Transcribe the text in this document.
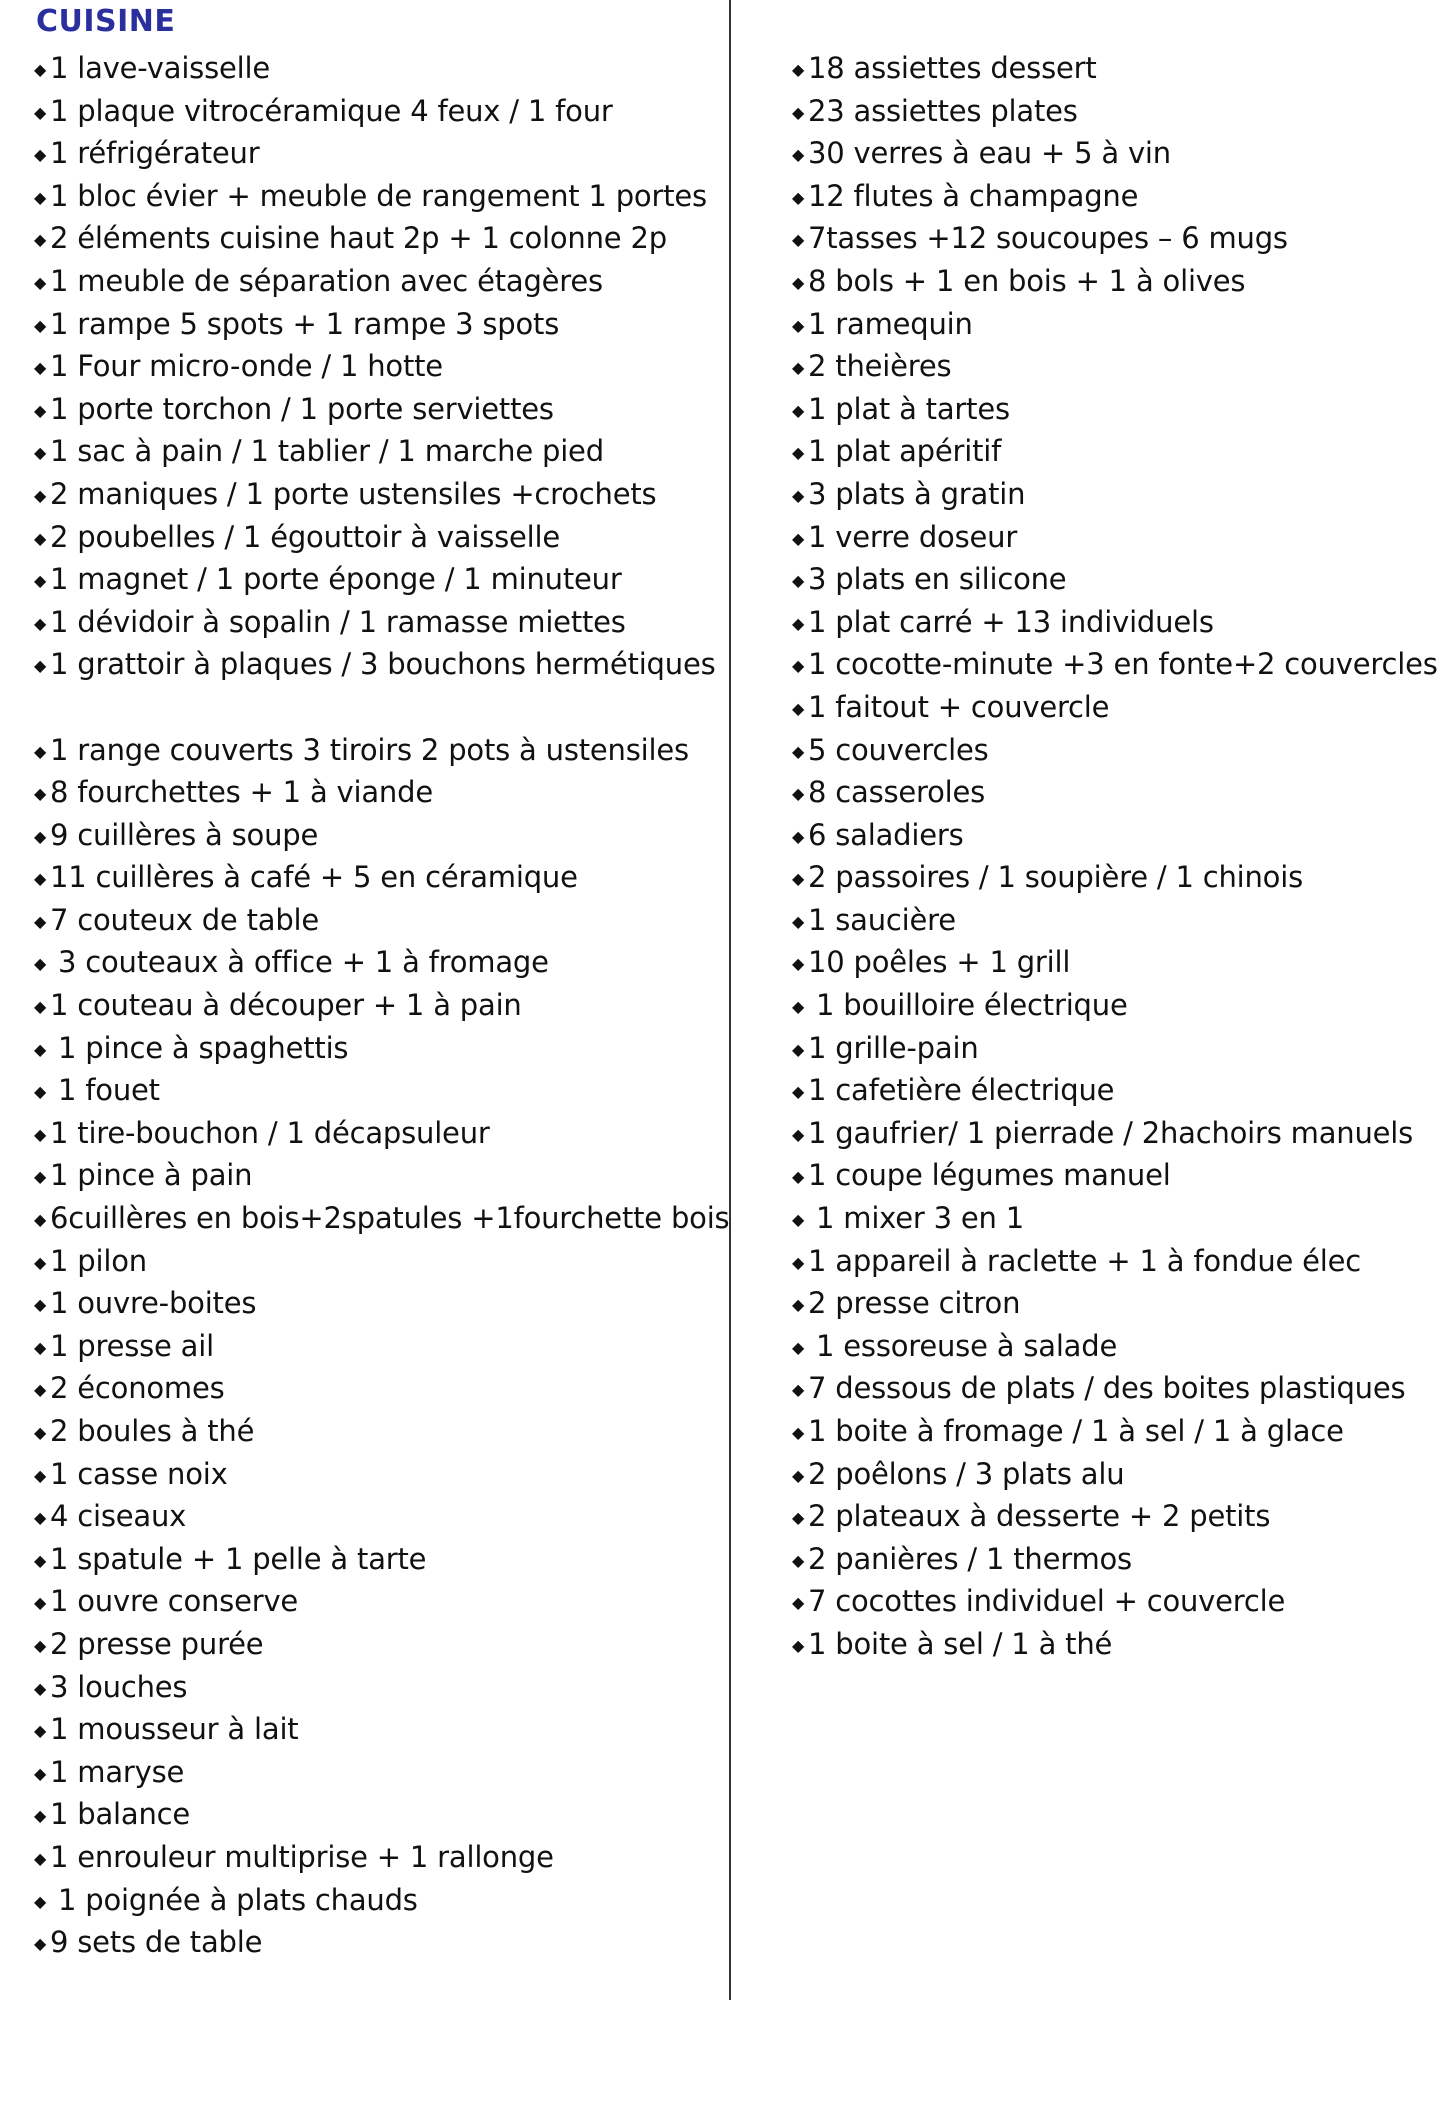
CUISINE
◆ 1 lave-vaisselle
◆ 1 plaque vitrocéramique 4 feux / 1 four
◆ 1 réfrigérateur
◆ 1 bloc évier + meuble de rangement 1 portes
◆ 2 éléments cuisine haut 2p + 1 colonne 2p
◆ 1 meuble de séparation avec étagères
◆ 1 rampe 5 spots + 1 rampe 3 spots
◆ 1 Four micro-onde / 1 hotte
◆ 1 porte torchon / 1 porte serviettes
◆ 1 sac à pain / 1 tablier / 1 marche pied
◆ 2 maniques / 1 porte ustensiles +crochets
◆ 2 poubelles / 1 égouttoir à vaisselle
◆ 1 magnet / 1 porte éponge / 1 minuteur
◆ 1 dévidoir à sopalin / 1 ramasse miettes
◆ 1 grattoir à plaques / 3 bouchons hermétiques
◆ 1 range couverts 3 tiroirs 2 pots à ustensiles
◆ 8 fourchettes + 1 à viande
◆ 9 cuillères à soupe
◆ 11 cuillères à café + 5 en céramique
◆ 7 couteux de table
◆ 3 couteaux à office + 1 à fromage
◆ 1 couteau à découper + 1 à pain
◆ 1 pince à spaghettis
◆ 1 fouet
◆ 1 tire-bouchon / 1 décapsuleur
◆ 1 pince à pain
◆ 6cuillères en bois+2spatules +1fourchette bois
◆ 1 pilon
◆ 1 ouvre-boites
◆ 1 presse ail
◆ 2 économes
◆ 2 boules à thé
◆ 1 casse noix
◆ 4 ciseaux
◆ 1 spatule + 1 pelle à tarte
◆ 1 ouvre conserve
◆ 2 presse purée
◆ 3 louches
◆ 1 mousseur à lait
◆ 1 maryse
◆ 1 balance
◆ 1 enrouleur multiprise + 1 rallonge
◆ 1 poignée à plats chauds
◆ 9 sets de table
◆ 18 assiettes dessert
◆ 23 assiettes plates
◆ 30 verres à eau + 5 à vin
◆ 12 flutes à champagne
◆ 7tasses +12 soucoupes – 6 mugs
◆ 8 bols + 1 en bois + 1 à olives
◆ 1 ramequin
◆ 2 theières
◆ 1 plat à tartes
◆ 1 plat apéritif
◆ 3 plats à gratin
◆ 1 verre doseur
◆ 3 plats en silicone
◆ 1 plat carré + 13 individuels
◆ 1 cocotte-minute +3 en fonte+2 couvercles
◆ 1 faitout + couvercle
◆ 5 couvercles
◆ 8 casseroles
◆ 6 saladiers
◆ 2 passoires / 1 soupière / 1 chinois
◆ 1 saucière
◆ 10 poêles + 1 grill
◆ 1 bouilloire électrique
◆ 1 grille-pain
◆ 1 cafetière électrique
◆ 1 gaufrier/ 1 pierrade / 2hachoirs manuels
◆ 1 coupe légumes manuel
◆ 1 mixer 3 en 1
◆ 1 appareil à raclette + 1 à fondue élec
◆ 2 presse citron
◆ 1 essoreuse à salade
◆ 7 dessous de plats / des boites plastiques
◆ 1 boite à fromage / 1 à sel / 1 à glace
◆ 2 poêlons / 3 plats alu
◆ 2 plateaux à desserte + 2 petits
◆ 2 panières / 1 thermos
◆ 7 cocottes individuel + couvercle
◆ 1 boite à sel / 1 à thé
